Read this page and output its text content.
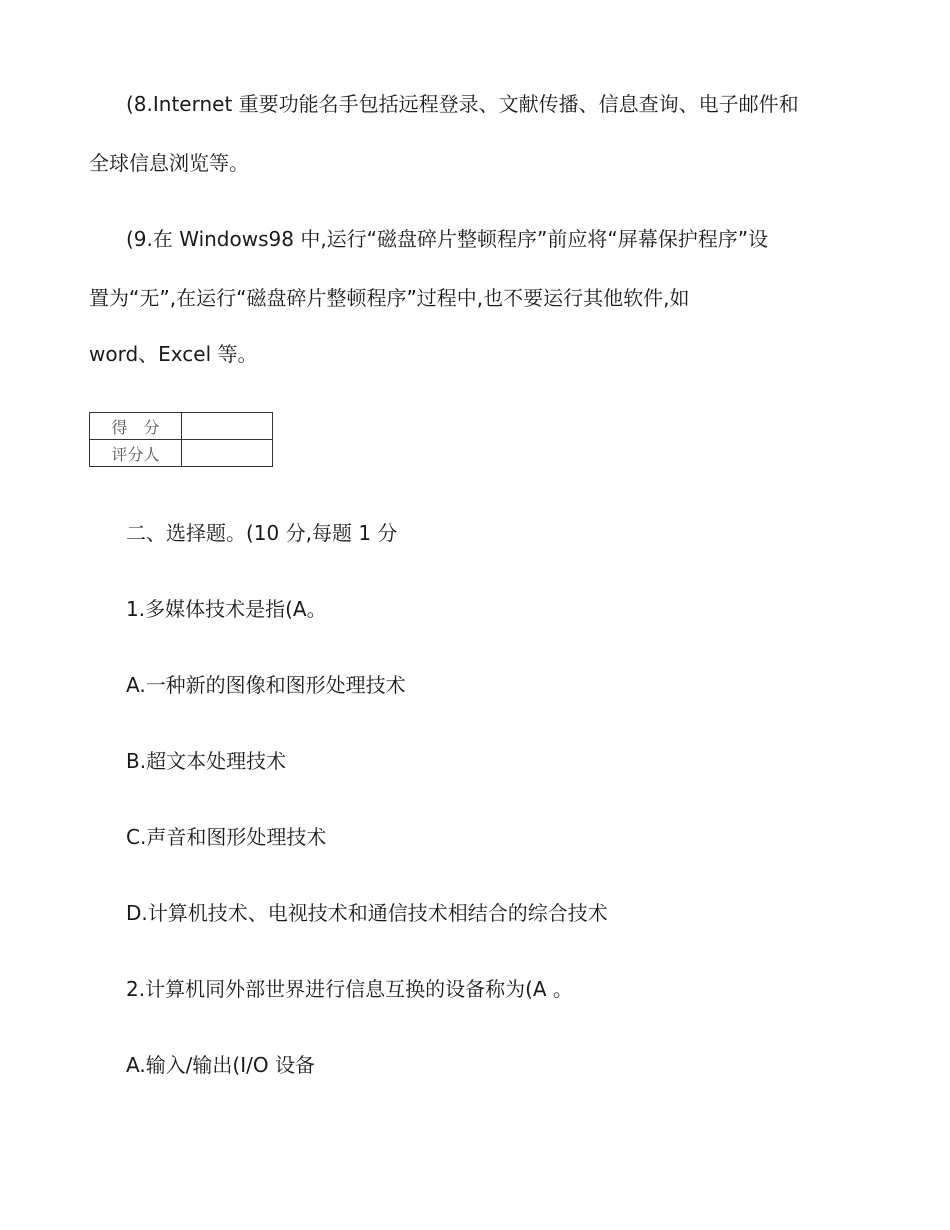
(8.Internet 重要功能名手包括远程登录、文献传播、信息查询、电子邮件和
全球信息浏览等。
(9.在 Windows98 中,运行“磁盘碎片整顿程序”前应将“屏幕保护程序”设
置为“无”,在运行“磁盘碎片整顿程序”过程中,也不要运行其他软件,如
word、Excel 等。
得　分	
评分人	
二、选择题。(10 分,每题 1 分
1.多媒体技术是指(A。
A.一种新的图像和图形处理技术
B.超文本处理技术
C.声音和图形处理技术
D.计算机技术、电视技术和通信技术相结合的综合技术
2.计算机同外部世界进行信息互换的设备称为(A 。
A.输入/输出(I/O 设备
